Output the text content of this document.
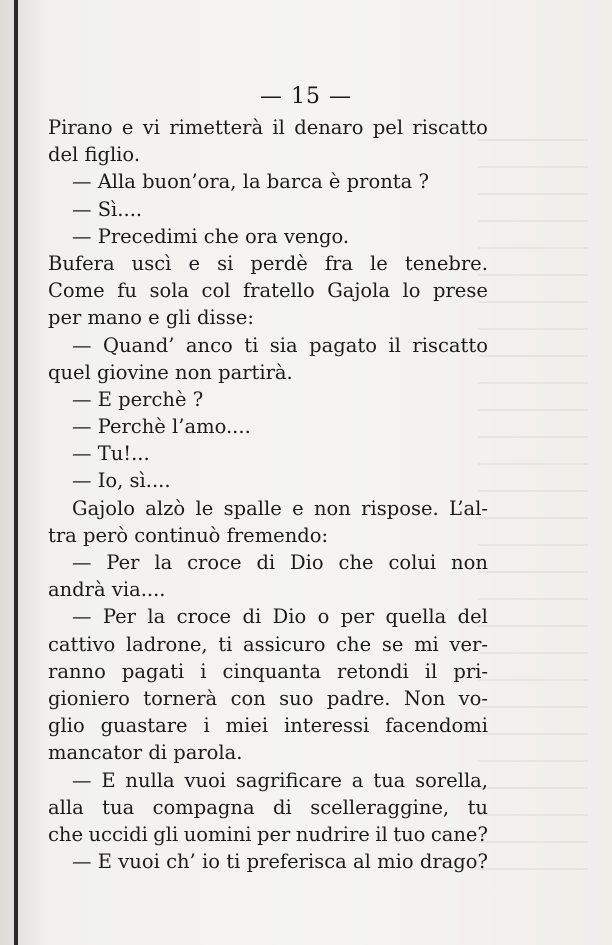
— 15 —
Pirano e vi rimetterà il denaro pel riscatto
del figlio.
— Alla buon’ora, la barca è pronta ?
— Sì....
— Precedimi che ora vengo.
Bufera uscì e si perdè fra le tenebre.
Come fu sola col fratello Gajola lo prese
per mano e gli disse:
— Quand’ anco ti sia pagato il riscatto
quel giovine non partirà.
— E perchè ?
— Perchè l’amo....
— Tu!...
— Io, sì....
Gajolo alzò le spalle e non rispose. L’al-
tra però continuò fremendo:
— Per la croce di Dio che colui non
andrà via....
— Per la croce di Dio o per quella del
cattivo ladrone, ti assicuro che se mi ver-
ranno pagati i cinquanta retondi il pri-
gioniero tornerà con suo padre. Non vo-
glio guastare i miei interessi facendomi
mancator di parola.
— E nulla vuoi sagrificare a tua sorella,
alla tua compagna di scelleraggine, tu
che uccidi gli uomini per nudrire il tuo cane?
— E vuoi ch’ io ti preferisca al mio drago?
